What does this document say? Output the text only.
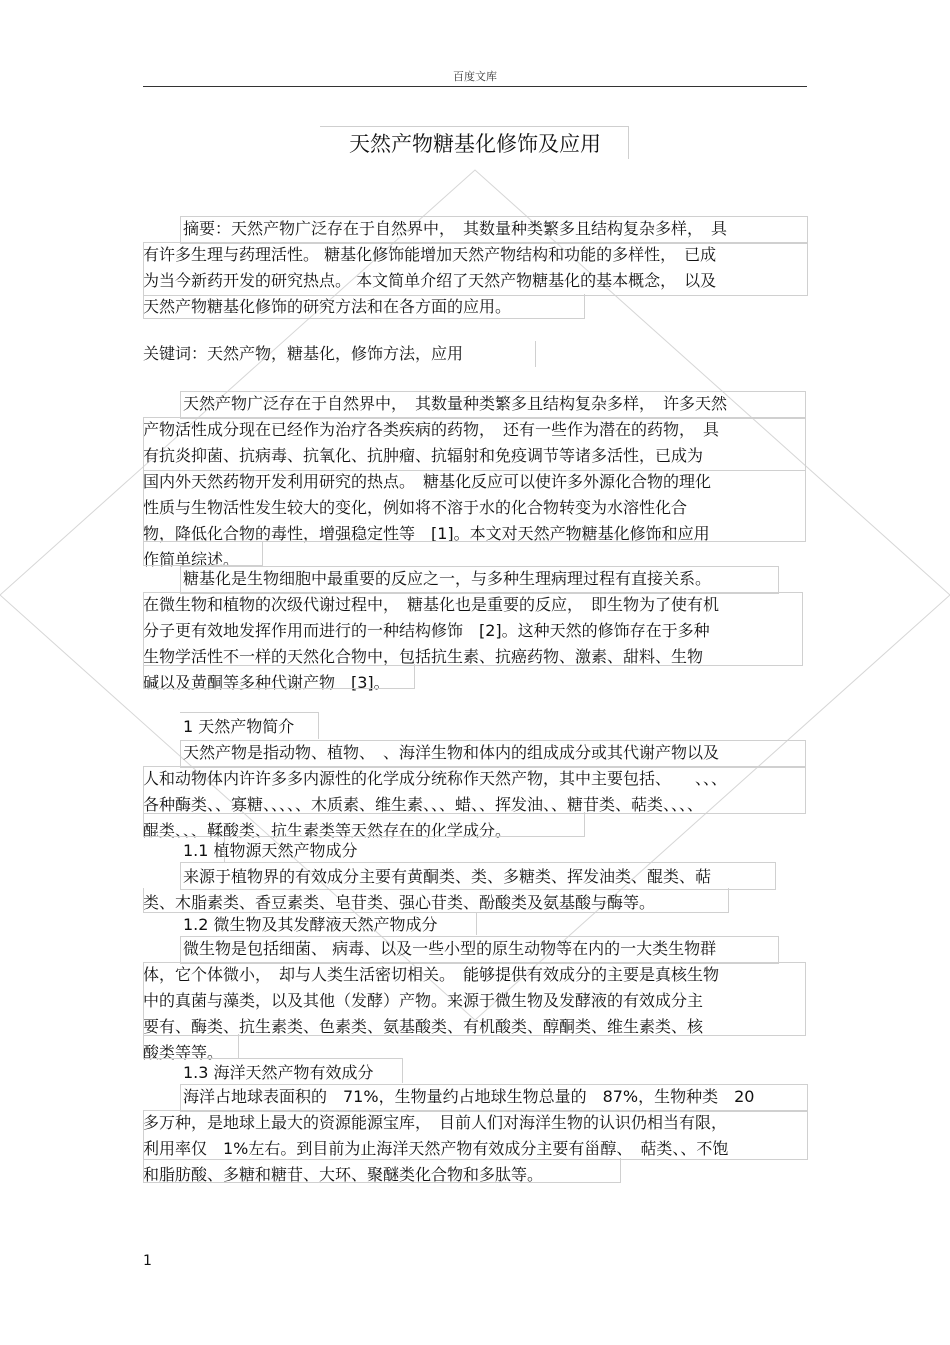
百度文库
天然产物糖基化修饰及应用
摘要：天然产物广泛存在于自然界中，　其数量种类繁多且结构复杂多样，　具
有许多生理与药理活性。 糖基化修饰能增加天然产物结构和功能的多样性，　已成
为当今新药开发的研究热点。 本文简单介绍了天然产物糖基化的基本概念，　以及
天然产物糖基化修饰的研究方法和在各方面的应用。
关键词：天然产物，糖基化，修饰方法，应用
天然产物广泛存在于自然界中，　其数量种类繁多且结构复杂多样，　许多天然
产物活性成分现在已经作为治疗各类疾病的药物，　还有一些作为潜在的药物，　具
有抗炎抑菌、抗病毒、抗氧化、抗肿瘤、抗辐射和免疫调节等诸多活性，已成为
国内外天然药物开发利用研究的热点。　糖基化反应可以使许多外源化合物的理化
性质与生物活性发生较大的变化，例如将不溶于水的化合物转变为水溶性化合
物，降低化合物的毒性，增强稳定性等　[1]。本文对天然产物糖基化修饰和应用
作简单综述。
糖基化是生物细胞中最重要的反应之一，与多种生理病理过程有直接关系。
在微生物和植物的次级代谢过程中，　糖基化也是重要的反应，　即生物为了使有机
分子更有效地发挥作用而进行的一种结构修饰　[2]。这种天然的修饰存在于多种
生物学活性不一样的天然化合物中，包括抗生素、抗癌药物、激素、甜料、生物
碱以及黄酮等多种代谢产物　[3]。
1 天然产物简介
天然产物是指动物、植物、　、海洋生物和体内的组成成分或其代谢产物以及
人和动物体内许许多多内源性的化学成分统称作天然产物，其中主要包括、　　、、、
各种酶类、、寡糖、、、、、木质素、维生素、、、蜡、、挥发油、、糖苷类、萜类、、、、
醌类、、、鞣酸类、抗生素类等天然存在的化学成分。
1.1 植物源天然产物成分
来源于植物界的有效成分主要有黄酮类、类、多糖类、挥发油类、醌类、萜
类、木脂素类、香豆素类、皂苷类、强心苷类、酚酸类及氨基酸与酶等。
1.2 微生物及其发酵液天然产物成分
微生物是包括细菌、 病毒、以及一些小型的原生动物等在内的一大类生物群
体，它个体微小，　却与人类生活密切相关。　能够提供有效成分的主要是真核生物
中的真菌与藻类，以及其他（发酵）产物。来源于微生物及发酵液的有效成分主
要有、酶类、抗生素类、色素类、氨基酸类、有机酸类、醇酮类、维生素类、核
酸类等等。
1.3 海洋天然产物有效成分
海洋占地球表面积的　71%，生物量约占地球生物总量的　87%，生物种类　20
多万种，是地球上最大的资源能源宝库，　目前人们对海洋生物的认识仍相当有限，
利用率仅　1%左右。到目前为止海洋天然产物有效成分主要有甾醇、　萜类、、不饱
和脂肪酸、多糖和糖苷、大环、聚醚类化合物和多肽等。
1
